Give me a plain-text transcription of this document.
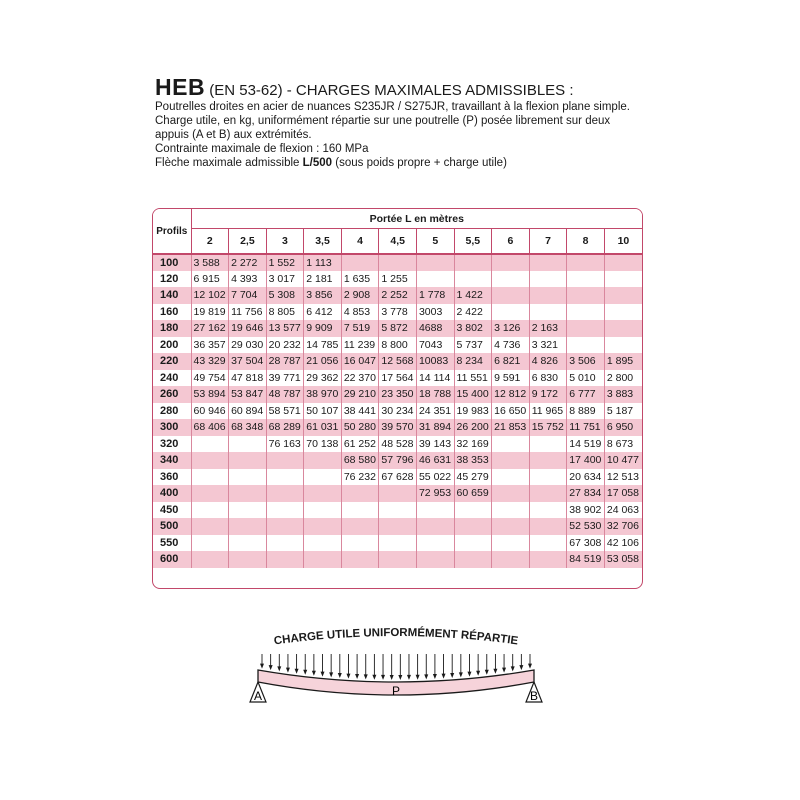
HEB (EN 53-62) - CHARGES MAXIMALES ADMISSIBLES :

Poutrelles droites en acier de nuances S235JR / S275JR, travaillant à la flexion plane simple.

Charge utile, en kg, uniformément répartie sur une poutrelle (P) posée librement sur deux

appuis (A et B) aux extrémités.

Contrainte maximale de flexion : 160 MPa

Flèche maximale admissible L/500 (sous poids propre + charge utile)

Profils	Portée L en mètres											
	2	2,5	3	3,5	4	4,5	5	5,5	6	7	8	10
100	3 588	2 272	1 552	1 113								
120	6 915	4 393	3 017	2 181	1 635	1 255						
140	12 102	7 704	5 308	3 856	2 908	2 252	1 778	1 422				
160	19 819	11 756	8 805	6 412	4 853	3 778	3003	2 422				
180	27 162	19 646	13 577	9 909	7 519	5 872	4688	3 802	3 126	2 163		
200	36 357	29 030	20 232	14 785	11 239	8 800	7043	5 737	4 736	3 321		
220	43 329	37 504	28 787	21 056	16 047	12 568	10083	8 234	6 821	4 826	3 506	1 895
240	49 754	47 818	39 771	29 362	22 370	17 564	14 114	11 551	9 591	6 830	5 010	2 800
260	53 894	53 847	48 787	38 970	29 210	23 350	18 788	15 400	12 812	9 172	6 777	3 883
280	60 946	60 894	58 571	50 107	38 441	30 234	24 351	19 983	16 650	11 965	8 889	5 187
300	68 406	68 348	68 289	61 031	50 280	39 570	31 894	26 200	21 853	15 752	11 751	6 950
320			76 163	70 138	61 252	48 528	39 143	32 169			14 519	8 673
340					68 580	57 796	46 631	38 353			17 400	10 477
360					76 232	67 628	55 022	45 279			20 634	12 513
400							72 953	60 659			27 834	17 058
450											38 902	24 063
500											52 530	32 706
550											67 308	42 106
600											84 519	53 058
CHARGE UTILE UNIFORMÉMENT RÉPARTIE
P
A	B
